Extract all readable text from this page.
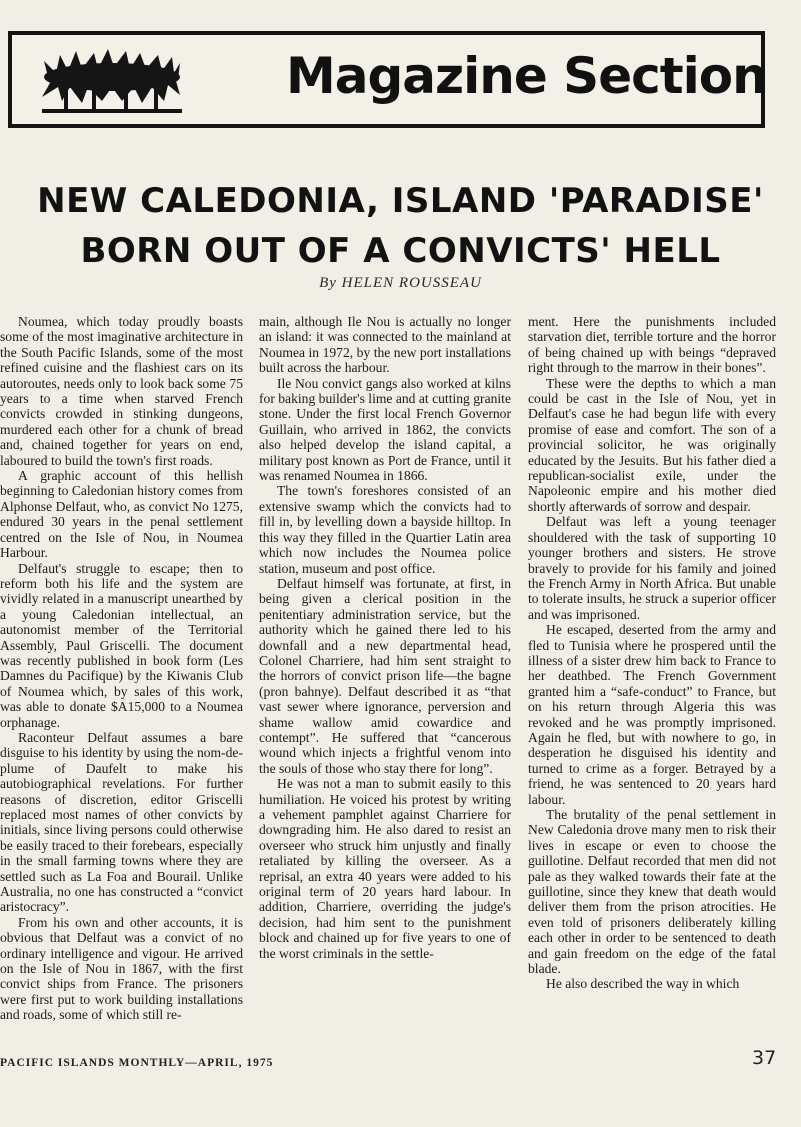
Magazine Section
NEW CALEDONIA, ISLAND 'PARADISE'
BORN OUT OF A CONVICTS' HELL
By HELEN ROUSSEAU

Noumea, which today proudly boasts some of the most imaginative architecture in the South Pacific Islands, some of the most refined cuisine and the flashiest cars on its autoroutes, needs only to look back some 75 years to a time when starved French convicts crowded in stinking dungeons, murdered each other for a chunk of bread and, chained together for years on end, laboured to build the town's first roads.

A graphic account of this hellish beginning to Caledonian history comes from Alphonse Delfaut, who, as convict No 1275, endured 30 years in the penal settlement centred on the Isle of Nou, in Noumea Harbour.

Delfaut's struggle to escape; then to reform both his life and the system are vividly related in a manuscript unearthed by a young Caledonian intellectual, an autonomist member of the Territorial Assembly, Paul Griscelli. The document was recently published in book form (Les Damnes du Pacifique) by the Kiwanis Club of Noumea which, by sales of this work, was able to donate $A15,000 to a Noumea orphanage.

Raconteur Delfaut assumes a bare disguise to his identity by using the nom-de-plume of Daufelt to make his autobiographical revelations. For further reasons of discretion, editor Griscelli replaced most names of other convicts by initials, since living persons could otherwise be easily traced to their forebears, especially in the small farming towns where they are settled such as La Foa and Bourail. Unlike Australia, no one has constructed a “convict aristocracy”.

From his own and other accounts, it is obvious that Delfaut was a convict of no ordinary intelligence and vigour. He arrived on the Isle of Nou in 1867, with the first convict ships from France. The prisoners were first put to work building installations and roads, some of which still re-

main, although Ile Nou is actually no longer an island: it was connected to the mainland at Noumea in 1972, by the new port installations built across the harbour.

Ile Nou convict gangs also worked at kilns for baking builder's lime and at cutting granite stone. Under the first local French Governor Guillain, who arrived in 1862, the convicts also helped develop the island capital, a military post known as Port de France, until it was renamed Noumea in 1866.

The town's foreshores consisted of an extensive swamp which the convicts had to fill in, by levelling down a bayside hilltop. In this way they filled in the Quartier Latin area which now includes the Noumea police station, museum and post office.

Delfaut himself was fortunate, at first, in being given a clerical position in the penitentiary administration service, but the authority which he gained there led to his downfall and a new departmental head, Colonel Charriere, had him sent straight to the horrors of convict prison life—the bagne (pron bahnye). Delfaut described it as “that vast sewer where ignorance, perversion and shame wallow amid cowardice and contempt”. He suffered that “cancerous wound which injects a frightful venom into the souls of those who stay there for long”.

He was not a man to submit easily to this humiliation. He voiced his protest by writing a vehement pamphlet against Charriere for downgrading him. He also dared to resist an overseer who struck him unjustly and finally retaliated by killing the overseer. As a reprisal, an extra 40 years were added to his original term of 20 years hard labour. In addition, Charriere, overriding the judge's decision, had him sent to the punishment block and chained up for five years to one of the worst criminals in the settle-

ment. Here the punishments included starvation diet, terrible torture and the horror of being chained up with beings “depraved right through to the marrow in their bones”.

These were the depths to which a man could be cast in the Isle of Nou, yet in Delfaut's case he had begun life with every promise of ease and comfort. The son of a provincial solicitor, he was originally educated by the Jesuits. But his father died a republican-socialist exile, under the Napoleonic empire and his mother died shortly afterwards of sorrow and despair.

Delfaut was left a young teenager shouldered with the task of supporting 10 younger brothers and sisters. He strove bravely to provide for his family and joined the French Army in North Africa. But unable to tolerate insults, he struck a superior officer and was imprisoned.

He escaped, deserted from the army and fled to Tunisia where he prospered until the illness of a sister drew him back to France to her deathbed. The French Government granted him a “safe-conduct” to France, but on his return through Algeria this was revoked and he was promptly imprisoned. Again he fled, but with nowhere to go, in desperation he disguised his identity and turned to crime as a forger. Betrayed by a friend, he was sentenced to 20 years hard labour.

The brutality of the penal settlement in New Caledonia drove many men to risk their lives in escape or even to choose the guillotine. Delfaut recorded that men did not pale as they walked towards their fate at the guillotine, since they knew that death would deliver them from the prison atrocities. He even told of prisoners deliberately killing each other in order to be sentenced to death and gain freedom on the edge of the fatal blade.

He also described the way in which

PACIFIC ISLANDS MONTHLY—APRIL, 1975	37
